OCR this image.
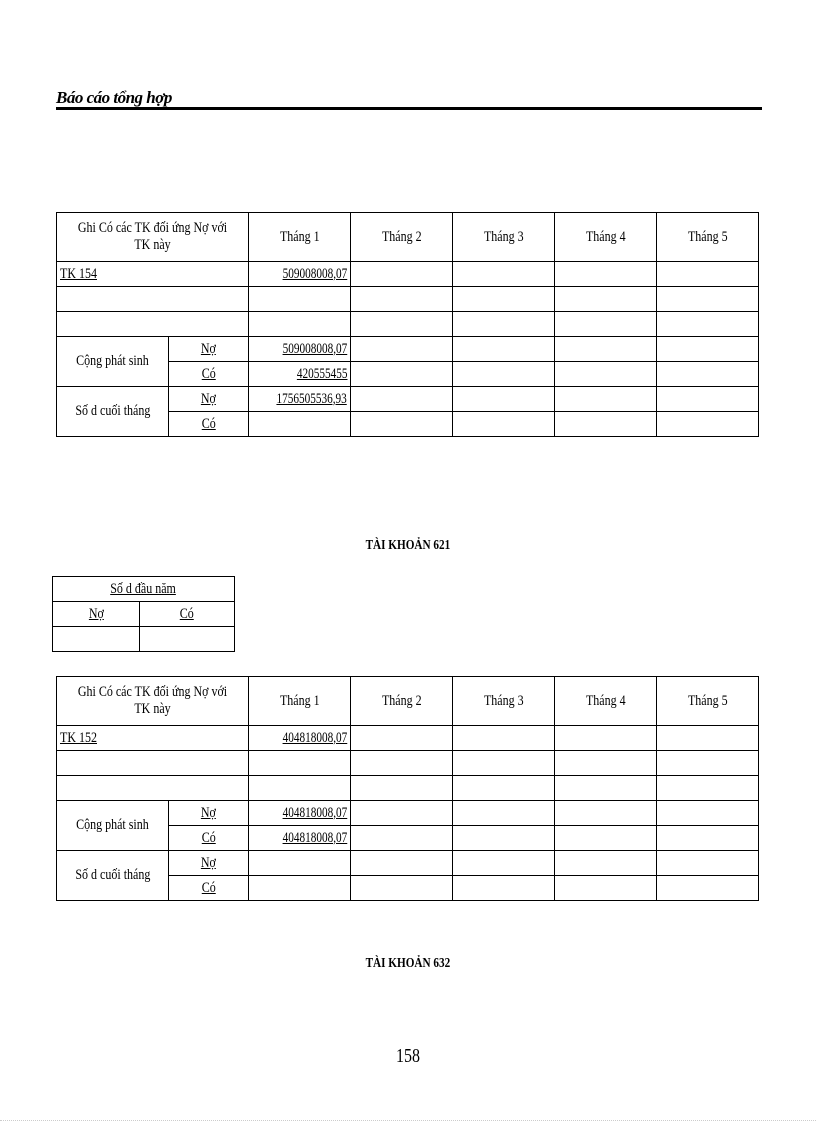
Báo cáo tổng hợp
Ghi Có các TK đối ứng Nợ với TK này		Tháng 1	Tháng 2	Tháng 3	Tháng 4	Tháng 5
TK 154		509008008,07				

Cộng phát sinh	Nợ	509008008,07				
	Có	420555455				
Số d cuối tháng	Nợ	1756505536,93				
	Có					
TÀI KHOẢN 621
Số d đầu năm	
Nợ	Có

Ghi Có các TK đối ứng Nợ với TK này		Tháng 1	Tháng 2	Tháng 3	Tháng 4	Tháng 5
TK 152		404818008,07				

Cộng phát sinh	Nợ	404818008,07				
	Có	404818008,07				
Số d cuối tháng	Nợ					
	Có					
TÀI KHOẢN 632
158
